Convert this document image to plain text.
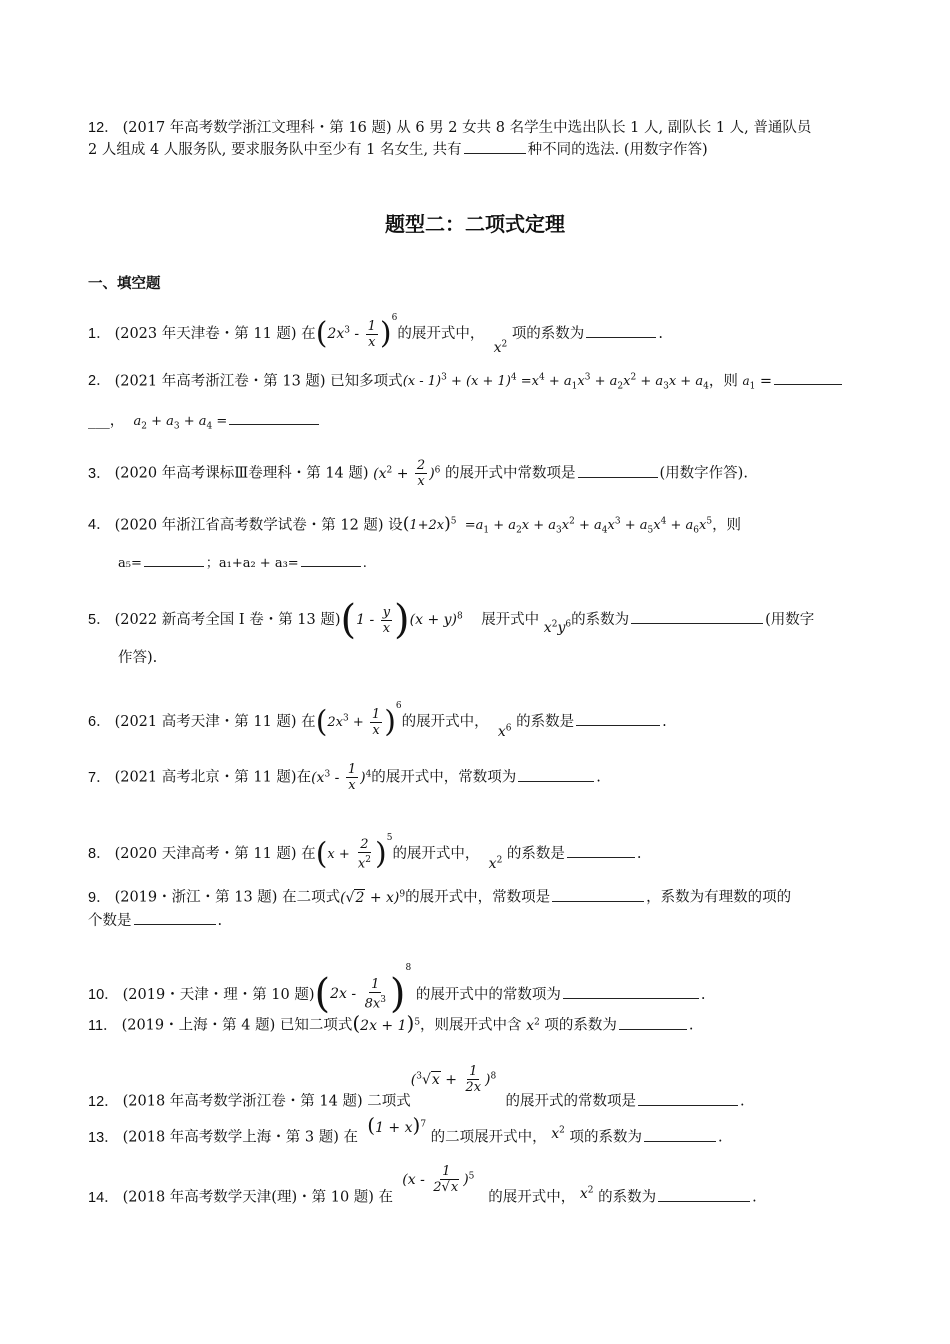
12． (2017 年高考数学浙江文理科・第 16 题) 从 6 男 2 女共 8 名学生中选出队长 1 人, 副队长 1 人, 普通队员
2 人组成 4 人服务队, 要求服务队中至少有 1 名女生, 共有	种不同的选法. (用数字作答)
题型二：二项式定理
一、填空题
1． (2023 年天津卷・第 11 题) 在$(2x^3 - \frac{1}{x} )^6$的展开式中，  $x^2$ 项的系数为	.
2． (2021 年高考浙江卷・第 13 题) 已知多项式$(x - 1)^3 + (x + 1)^4 =x^4 + a_1x^3 + a_2x^2 + a_3x + a_4$，则 $a_1$ =
___， $a_2 + a_3 + a_4$ =
3． (2020 年高考课标Ⅲ卷理科・第 14 题) $(x^2 + \frac{2}{x} )^6$ 的展开式中常数项是	(用数字作答).
4． (2020 年浙江省高考数学试卷・第 12 题) 设$(1+2x)^5 =a_1 + a_2x + a_3x^2 + a_4x^3 + a_5x^4 + a_6x^5$，则
a₅=	；a₁+a₂ + a₃=	.
5． (2022 新高考全国 I 卷・第 13 题)$(1 - \frac{y}{x} )(x + y)^8$ 展开式中 $x^2y^6$的系数为	(用数字
作答).
6． (2021 高考天津・第 11 题) 在$(2x^3 + \frac{1}{x} )^6$的展开式中，  $x^6$ 的系数是	.
7． (2021 高考北京・第 11 题)在$(x^3 - \frac{1}{x} )^4$的展开式中，常数项为	.
8． (2020 天津高考・第 11 题) 在$(x + \frac{2}{x^2} )^5$的展开式中，  $x^2$ 的系数是	.
9． (2019・浙江・第 13 题) 在二项式$(√2 + x)^9$的展开式中，常数项是	，系数为有理数的项的
个数是	.
10． (2019・天津・理・第 10 题)$(2x - \frac{1}{8x^3} )^8$ 的展开式中的常数项为	.
11． (2019・上海・第 4 题) 已知二项式$(2x + 1)^5$，则展开式中含 $x^2$ 项的系数为	.
12． (2018 年高考数学浙江卷・第 14 题) 二项式$(^3√x + \frac{1}{2x} )^8$  的展开式的常数项是	.
13． (2018 年高考数学上海・第 3 题) 在  $(1 + x)^7$ 的二项展开式中， $x^2$ 项的系数为	.
14． (2018 年高考数学天津(理)・第 10 题) 在  $(x - \frac{1}{2√x} )^5$   的展开式中， $x^2$ 的系数为	.
